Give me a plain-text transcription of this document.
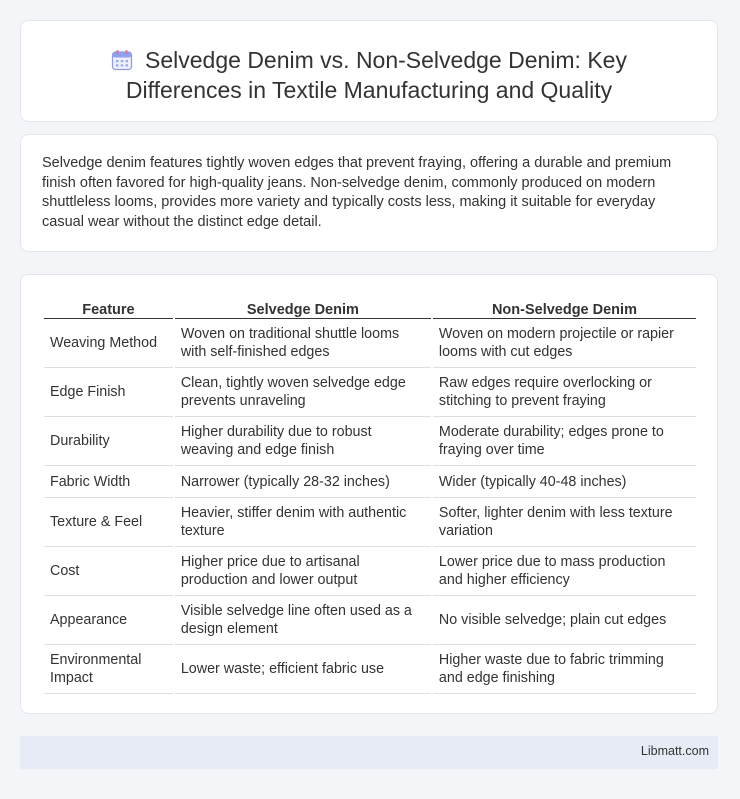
Selvedge Denim vs. Non-Selvedge Denim: Key Differences in Textile Manufacturing and Quality

Selvedge denim features tightly woven edges that prevent fraying, offering a durable and premium finish often favored for high-quality jeans. Non-selvedge denim, commonly produced on modern shuttleless looms, provides more variety and typically costs less, making it suitable for everyday casual wear without the distinct edge detail.

Feature	Selvedge Denim	Non-Selvedge Denim
Weaving Method	Woven on traditional shuttle looms with self-finished edges	Woven on modern projectile or rapier looms with cut edges
Edge Finish	Clean, tightly woven selvedge edge prevents unraveling	Raw edges require overlocking or stitching to prevent fraying
Durability	Higher durability due to robust weaving and edge finish	Moderate durability; edges prone to fraying over time
Fabric Width	Narrower (typically 28-32 inches)	Wider (typically 40-48 inches)
Texture & Feel	Heavier, stiffer denim with authentic texture	Softer, lighter denim with less texture variation
Cost	Higher price due to artisanal production and lower output	Lower price due to mass production and higher efficiency
Appearance	Visible selvedge line often used as a design element	No visible selvedge; plain cut edges
Environmental Impact	Lower waste; efficient fabric use	Higher waste due to fabric trimming and edge finishing
Libmatt.com
